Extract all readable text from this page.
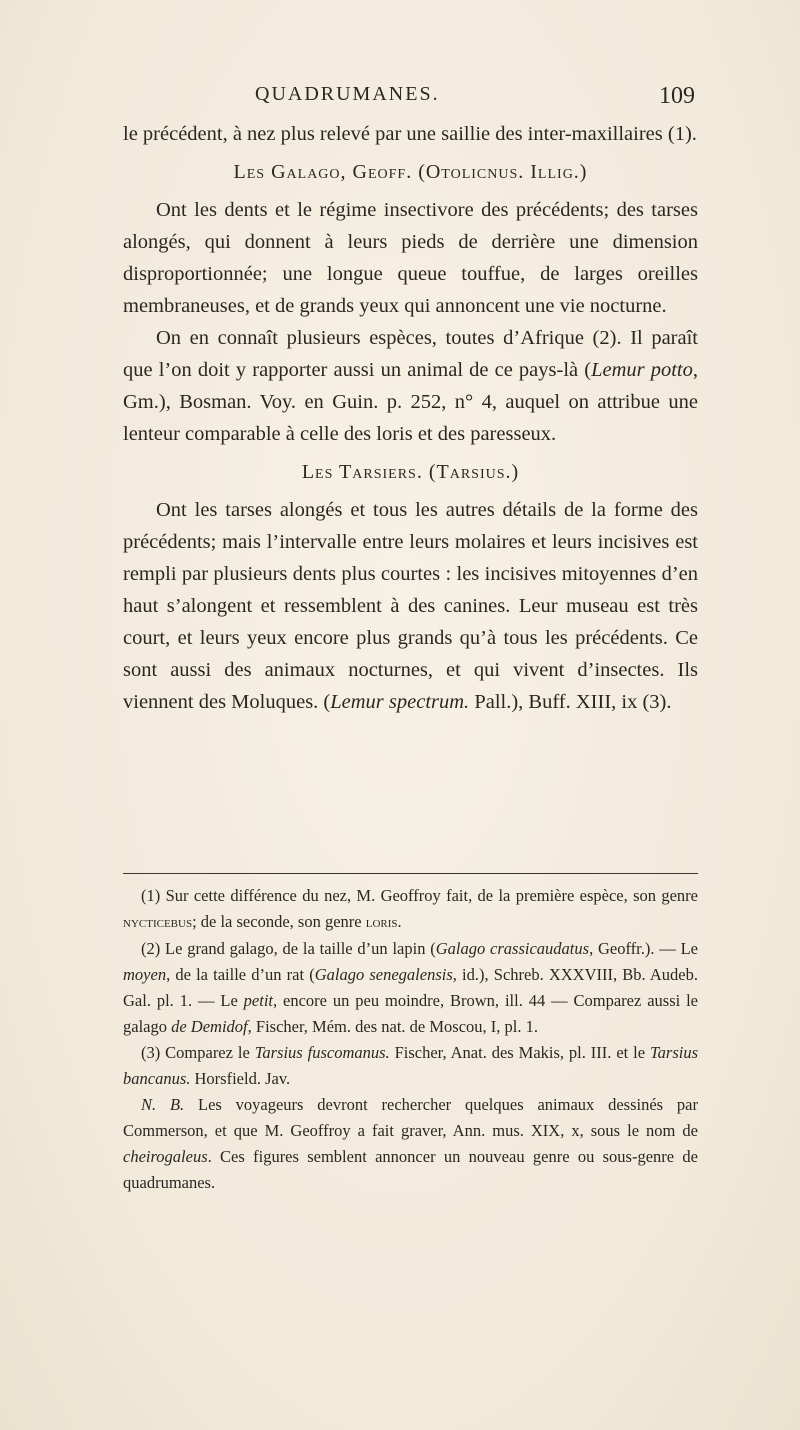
QUADRUMANES.	109

le précédent, à nez plus relevé par une saillie des inter-maxillaires (1).

Les Galago, Geoff. (Otolicnus. Illig.)

Ont les dents et le régime insectivore des précédents; des tarses alongés, qui donnent à leurs pieds de derrière une dimension disproportionnée; une longue queue touffue, de larges oreilles membraneuses, et de grands yeux qui annoncent une vie nocturne.

On en connaît plusieurs espèces, toutes d’Afrique (2). Il paraît que l’on doit y rapporter aussi un animal de ce pays-là (Lemur potto, Gm.), Bosman. Voy. en Guin. p. 252, n° 4, auquel on attribue une lenteur comparable à celle des loris et des paresseux.

Les Tarsiers. (Tarsius.)

Ont les tarses alongés et tous les autres détails de la forme des précédents; mais l’intervalle entre leurs molaires et leurs incisives est rempli par plusieurs dents plus courtes : les incisives mitoyennes d’en haut s’alongent et ressemblent à des canines. Leur museau est très court, et leurs yeux encore plus grands qu’à tous les précédents. Ce sont aussi des animaux nocturnes, et qui vivent d’insectes. Ils viennent des Moluques. (Lemur spectrum. Pall.), Buff. XIII, ix (3).

(1) Sur cette différence du nez, M. Geoffroy fait, de la première espèce, son genre nycticebus; de la seconde, son genre loris.

(2) Le grand galago, de la taille d’un lapin (Galago crassicaudatus, Geoffr.). — Le moyen, de la taille d’un rat (Galago senegalensis, id.), Schreb. XXXVIII, Bb. Audeb. Gal. pl. 1. — Le petit, encore un peu moindre, Brown, ill. 44 — Comparez aussi le galago de Demidof, Fischer, Mém. des nat. de Moscou, I, pl. 1.

(3) Comparez le Tarsius fuscomanus. Fischer, Anat. des Makis, pl. III. et le Tarsius bancanus. Horsfield. Jav.

N. B. Les voyageurs devront rechercher quelques animaux dessinés par Commerson, et que M. Geoffroy a fait graver, Ann. mus. XIX, x, sous le nom de cheirogaleus. Ces figures semblent annoncer un nouveau genre ou sous-genre de quadrumanes.
